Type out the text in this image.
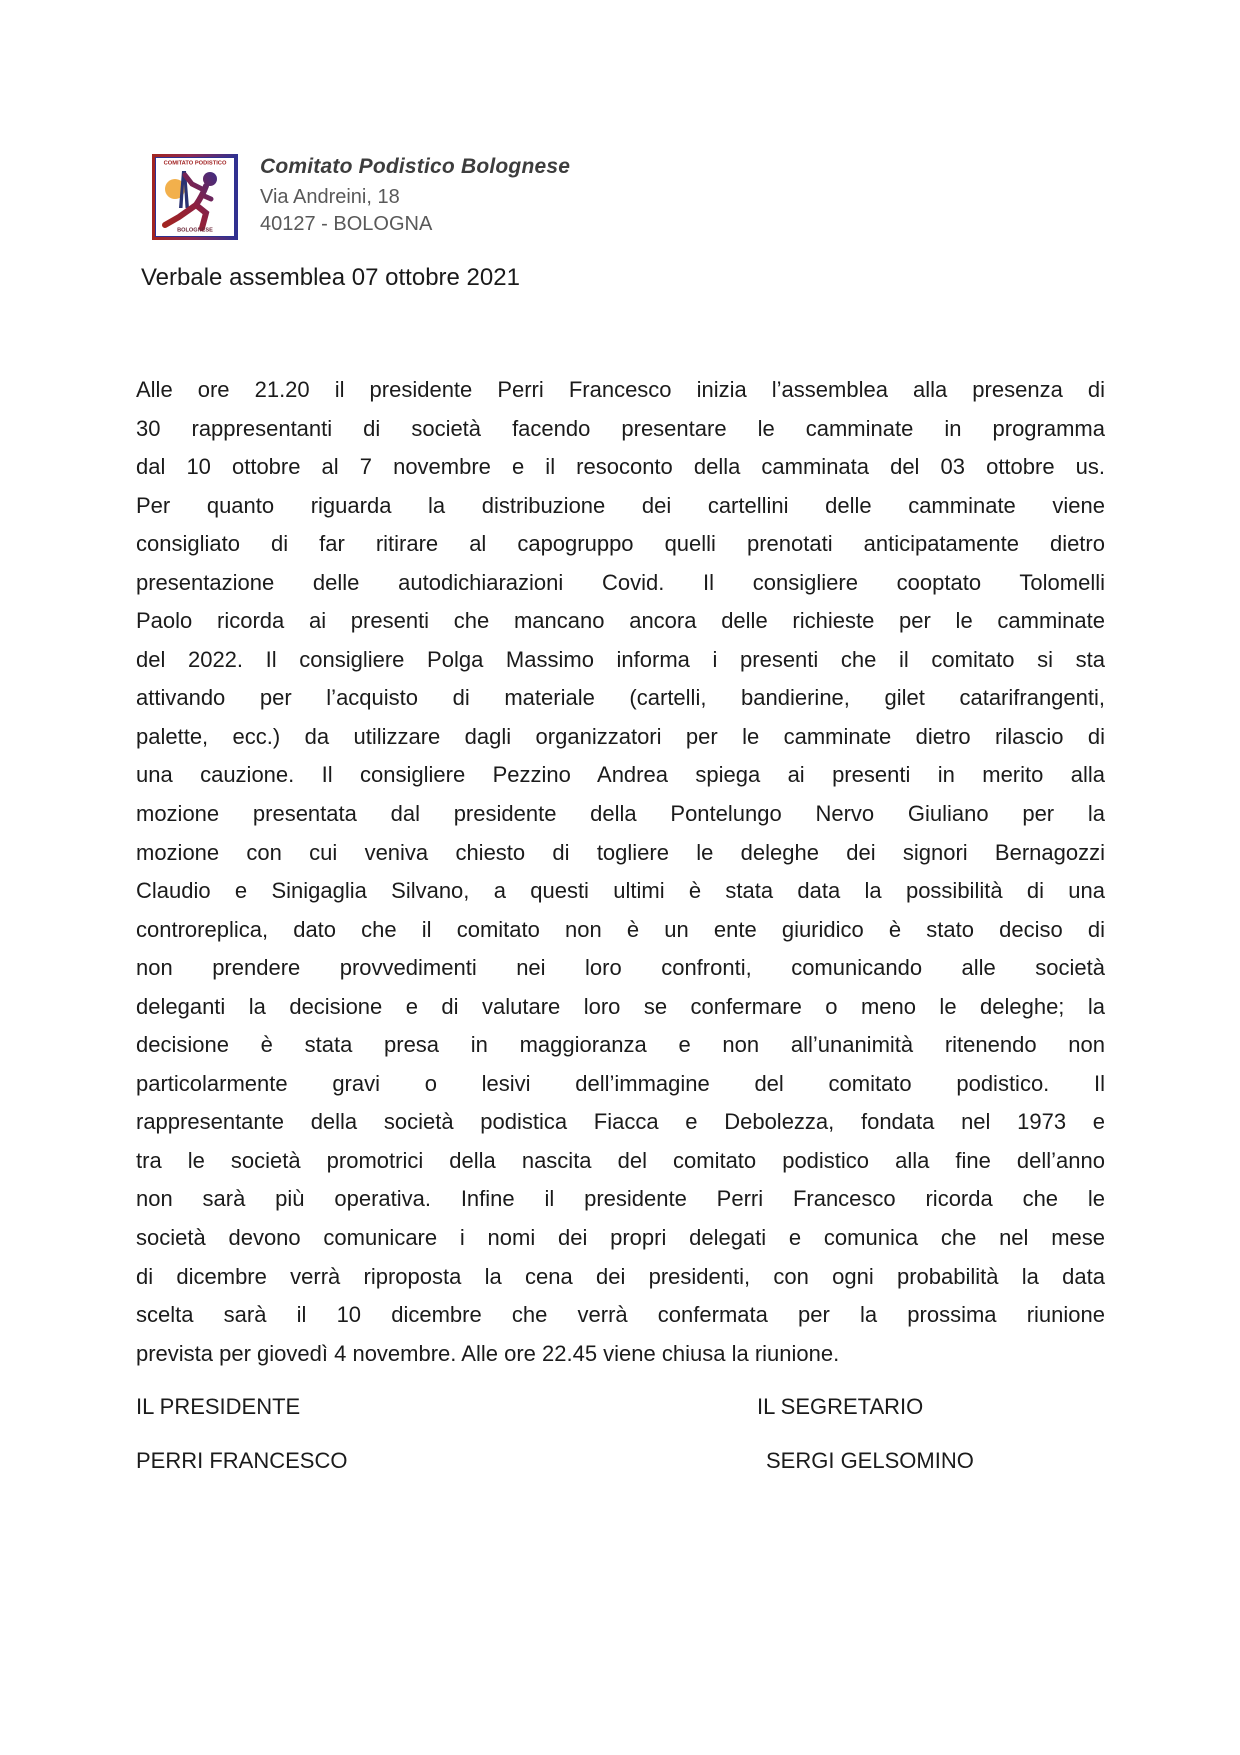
COMITATO PODISTICO
BOLOGNESE
Comitato Podistico Bolognese
Via Andreini, 18
40127 - BOLOGNA
Verbale assemblea 07 ottobre 2021
Alle ore 21.20 il presidente Perri Francesco inizia l’assemblea alla presenza di
30 rappresentanti di società facendo presentare le camminate in programma
dal 10 ottobre al 7 novembre e il resoconto della camminata del 03 ottobre us.
Per quanto riguarda la distribuzione dei cartellini delle camminate viene
consigliato di far ritirare al capogruppo quelli prenotati anticipatamente dietro
presentazione delle autodichiarazioni Covid. Il consigliere cooptato Tolomelli
Paolo ricorda ai presenti che mancano ancora delle richieste per le camminate
del 2022. Il consigliere Polga Massimo informa i presenti che il comitato si sta
attivando per l’acquisto di materiale (cartelli, bandierine, gilet catarifrangenti,
palette, ecc.) da utilizzare dagli organizzatori per le camminate dietro rilascio di
una cauzione. Il consigliere Pezzino Andrea spiega ai presenti in merito alla
mozione presentata dal presidente della Pontelungo Nervo Giuliano per la
mozione con cui veniva chiesto di togliere le deleghe dei signori Bernagozzi
Claudio e Sinigaglia Silvano, a questi ultimi è stata data la possibilità di una
controreplica, dato che il comitato non è un ente giuridico è stato deciso di
non prendere provvedimenti nei loro confronti, comunicando alle società
deleganti la decisione e di valutare loro se confermare o meno le deleghe; la
decisione è stata presa in maggioranza e non all’unanimità ritenendo non
particolarmente gravi o lesivi dell’immagine del comitato podistico. Il
rappresentante della società podistica Fiacca e Debolezza, fondata nel 1973 e
tra le società promotrici della nascita del comitato podistico alla fine dell’anno
non sarà più operativa. Infine il presidente Perri Francesco ricorda che le
società devono comunicare i nomi dei propri delegati e comunica che nel mese
di dicembre verrà riproposta la cena dei presidenti, con ogni probabilità la data
scelta sarà il 10 dicembre che verrà confermata per la prossima riunione
prevista per giovedì 4 novembre. Alle ore 22.45 viene chiusa la riunione.
IL PRESIDENTE	IL SEGRETARIO
PERRI FRANCESCO	SERGI GELSOMINO
